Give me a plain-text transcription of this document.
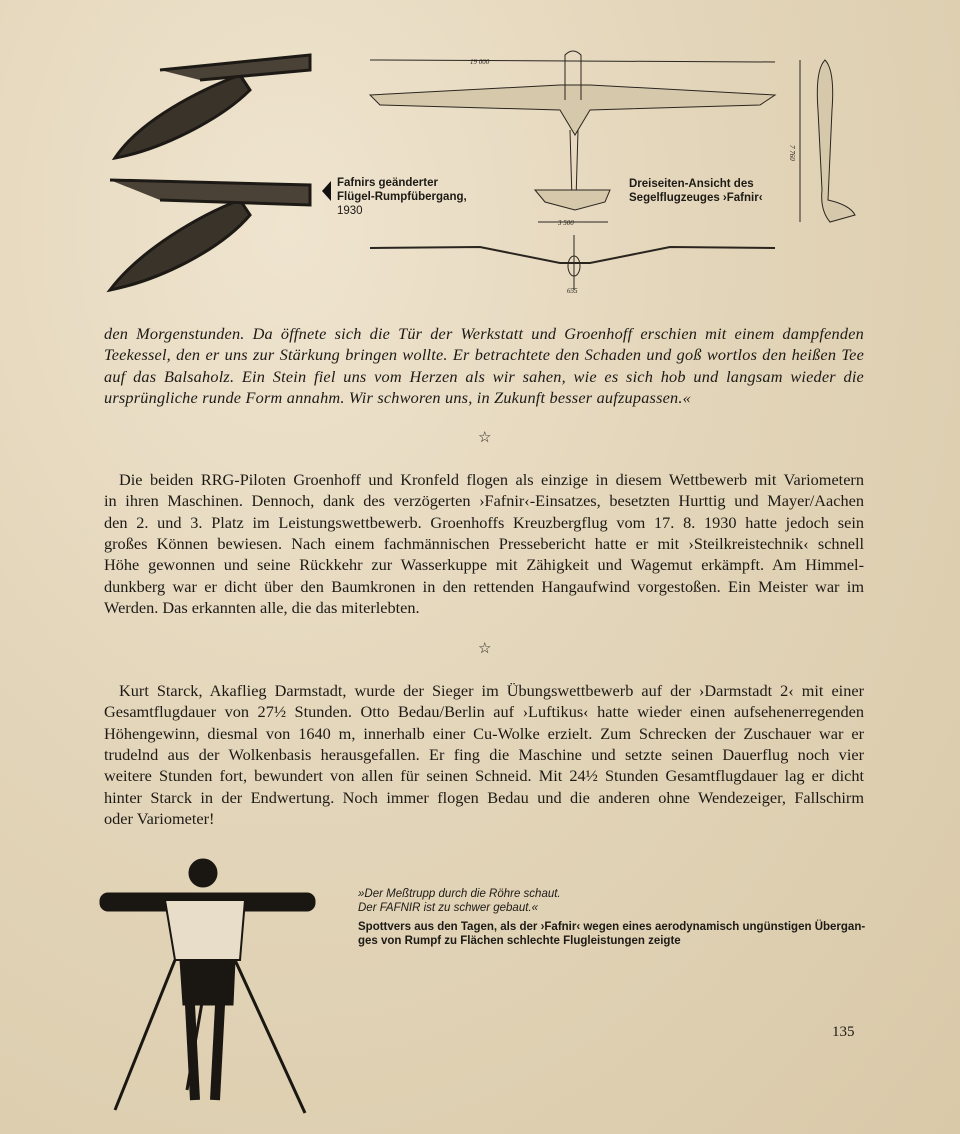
Fafnirs geänderter
Flügel-Rumpfübergang,
1930
19 000
3 500
7 760
655
Dreiseiten-Ansicht des
Segelflugzeuges ›Fafnir‹
den Morgenstunden. Da öffnete sich die Tür der Werkstatt und Groenhoff erschien mit einem dampfenden
Teekessel, den er uns zur Stärkung bringen wollte. Er betrachtete den Schaden und goß wortlos den heißen Tee
auf das Balsaholz. Ein Stein fiel uns vom Herzen als wir sahen, wie es sich hob und langsam wieder die
ursprüngliche runde Form annahm. Wir schworen uns, in Zukunft besser aufzupassen.«
☆
Die beiden RRG-Piloten Groenhoff und Kronfeld flogen als einzige in diesem Wettbewerb mit Variometern
in ihren Maschinen. Dennoch, dank des verzögerten ›Fafnir‹-Einsatzes, besetzten Hurttig und Mayer/Aachen
den 2. und 3. Platz im Leistungswettbewerb. Groenhoffs Kreuzbergflug vom 17. 8. 1930 hatte jedoch sein
großes Können bewiesen. Nach einem fachmännischen Pressebericht hatte er mit ›Steilkreistechnik‹ schnell
Höhe gewonnen und seine Rückkehr zur Wasserkuppe mit Zähigkeit und Wagemut erkämpft. Am Himmel-
dunkberg war er dicht über den Baumkronen in den rettenden Hangaufwind vorgestoßen. Ein Meister war im
Werden. Das erkannten alle, die das miterlebten.
☆
Kurt Starck, Akaflieg Darmstadt, wurde der Sieger im Übungswettbewerb auf der ›Darmstadt 2‹ mit einer
Gesamtflugdauer von 27½ Stunden. Otto Bedau/Berlin auf ›Luftikus‹ hatte wieder einen aufsehenerregenden
Höhengewinn, diesmal von 1640 m, innerhalb einer Cu-Wolke erzielt. Zum Schrecken der Zuschauer war er
trudelnd aus der Wolkenbasis herausgefallen. Er fing die Maschine und setzte seinen Dauerflug noch vier
weitere Stunden fort, bewundert von allen für seinen Schneid. Mit 24½ Stunden Gesamtflugdauer lag er dicht
hinter Starck in der Endwertung. Noch immer flogen Bedau und die anderen ohne Wendezeiger, Fallschirm
oder Variometer!
»Der Meßtrupp durch die Röhre schaut.
Der FAFNIR ist zu schwer gebaut.«
Spottvers aus den Tagen, als der ›Fafnir‹ wegen eines aerodynamisch ungünstigen Übergan-
ges von Rumpf zu Flächen schlechte Flugleistungen zeigte
135
